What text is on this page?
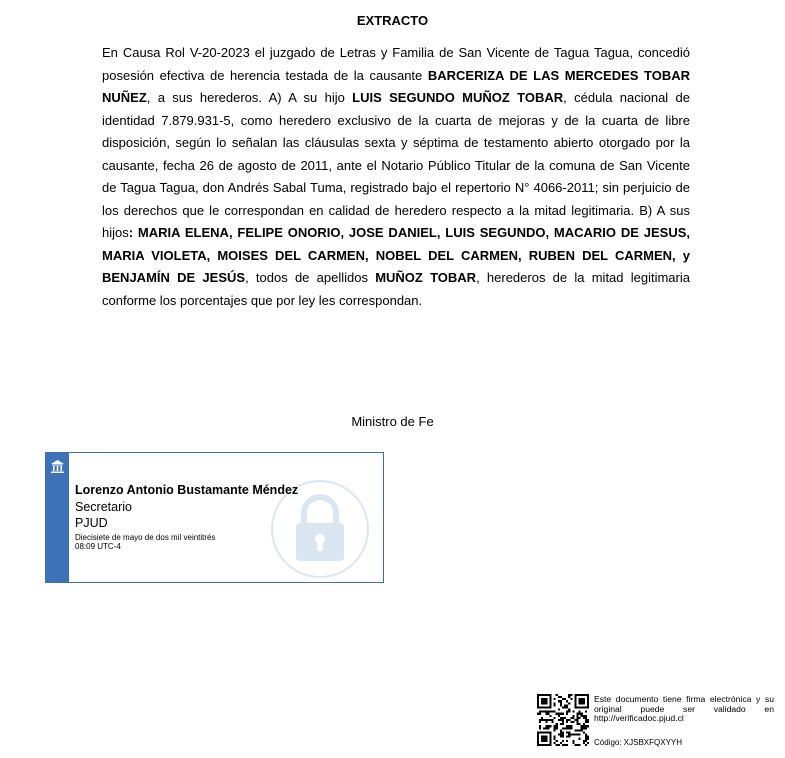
EXTRACTO
En Causa Rol V-20-2023 el juzgado de Letras y Familia de San Vicente de Tagua Tagua, concedió posesión efectiva de herencia testada de la causante BARCERIZA DE LAS MERCEDES TOBAR NUÑEZ, a sus herederos. A) A su hijo LUIS SEGUNDO MUÑOZ TOBAR, cédula nacional de identidad 7.879.931-5, como heredero exclusivo de la cuarta de mejoras y de la cuarta de libre disposición, según lo señalan las cláusulas sexta y séptima de testamento abierto otorgado por la causante, fecha 26 de agosto de 2011, ante el Notario Público Titular de la comuna de San Vicente de Tagua Tagua, don Andrés Sabal Tuma, registrado bajo el repertorio N° 4066-2011; sin perjuicio de los derechos que le correspondan en calidad de heredero respecto a la mitad legitimaria. B) A sus hijos: MARIA ELENA, FELIPE ONORIO, JOSE DANIEL, LUIS SEGUNDO, MACARIO DE JESUS, MARIA VIOLETA, MOISES DEL CARMEN, NOBEL DEL CARMEN, RUBEN DEL CARMEN, y BENJAMÍN DE JESÚS, todos de apellidos MUÑOZ TOBAR, herederos de la mitad legitimaria conforme los porcentajes que por ley les correspondan.
Ministro de Fe
Lorenzo Antonio Bustamante Méndez
Secretario
PJUD
Diecisiete de mayo de dos mil veintitrés
08:09 UTC-4
Este documento tiene firma electrónica y su original puede ser validado en http://verificadoc.pjud.cl
Código: XJSBXFQXYYH
